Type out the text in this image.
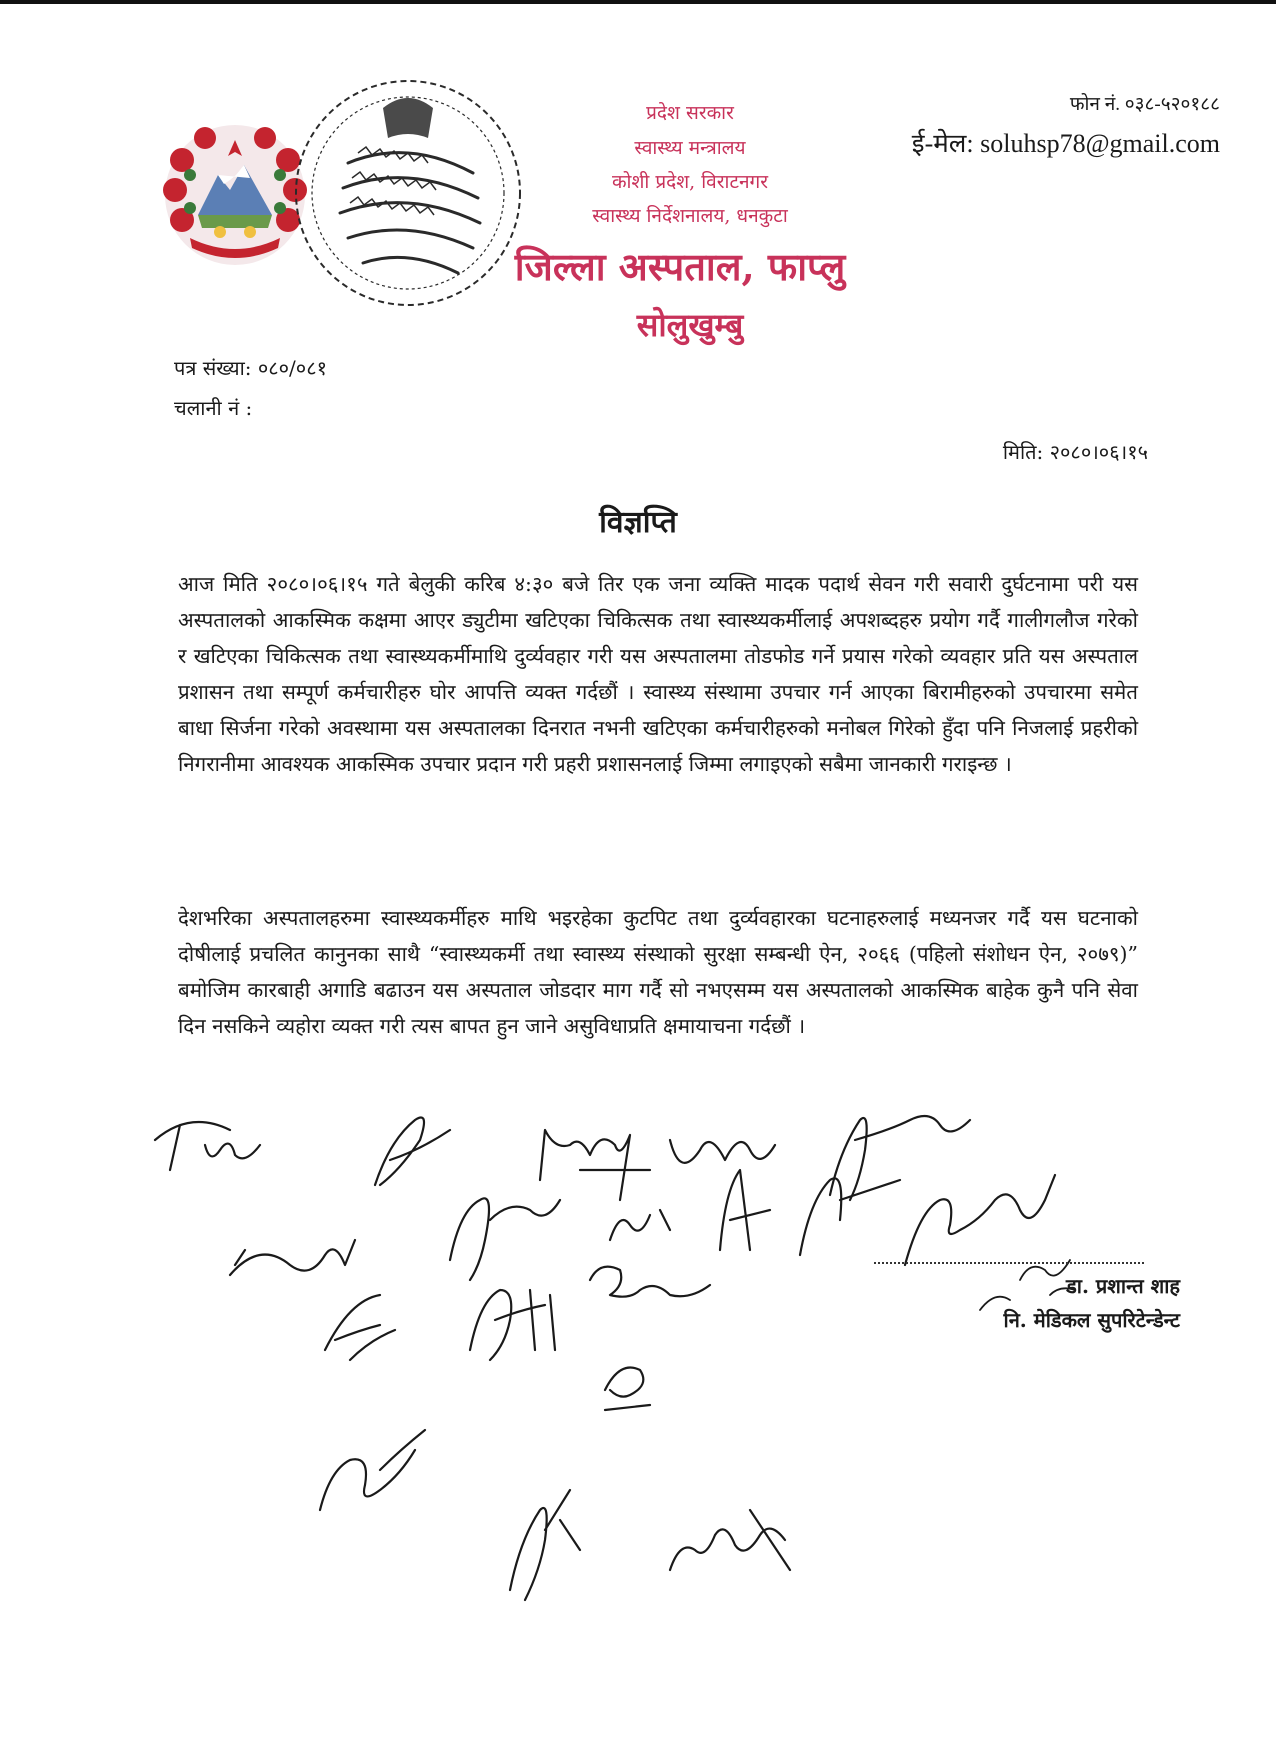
प्रदेश सरकार
स्वास्थ्य मन्त्रालय
कोशी प्रदेश, विराटनगर
स्वास्थ्य निर्देशनालय, धनकुटा
जिल्ला अस्पताल, फाप्लु
सोलुखुम्बु
फोन नं. ०३८-५२०१८८
ई-मेल: soluhsp78@gmail.com
पत्र संख्या: ०८०/०८१
चलानी नं :
मिति: २०८०।०६।१५
विज्ञप्ति
आज मिति २०८०।०६।१५ गते बेलुकी करिब ४:३० बजे तिर एक जना व्यक्ति मादक पदार्थ सेवन गरी सवारी दुर्घटनामा परी यस अस्पतालको आकस्मिक कक्षमा आएर ड्युटीमा खटिएका चिकित्सक तथा स्वास्थ्यकर्मीलाई अपशब्दहरु प्रयोग गर्दै गालीगलौज गरेको र खटिएका चिकित्सक तथा स्वास्थ्यकर्मीमाथि दुर्व्यवहार गरी यस अस्पतालमा तोडफोड गर्ने प्रयास गरेको व्यवहार प्रति यस अस्पताल प्रशासन तथा सम्पूर्ण कर्मचारीहरु घोर आपत्ति व्यक्त गर्दछौं । स्वास्थ्य संस्थामा उपचार गर्न आएका बिरामीहरुको उपचारमा समेत बाधा सिर्जना गरेको अवस्थामा यस अस्पतालका दिनरात नभनी खटिएका कर्मचारीहरुको मनोबल गिरेको हुँदा पनि निजलाई प्रहरीको निगरानीमा आवश्यक आकस्मिक उपचार प्रदान गरी प्रहरी प्रशासनलाई जिम्मा लगाइएको सबैमा जानकारी गराइन्छ ।
देशभरिका अस्पतालहरुमा स्वास्थ्यकर्मीहरु माथि भइरहेका कुटपिट तथा दुर्व्यवहारका घटनाहरुलाई मध्यनजर गर्दै यस घटनाको दोषीलाई प्रचलित कानुनका साथै “स्वास्थ्यकर्मी तथा स्वास्थ्य संस्थाको सुरक्षा सम्बन्धी ऐन, २०६६ (पहिलो संशोधन ऐन, २०७९)” बमोजिम कारबाही अगाडि बढाउन यस अस्पताल जोडदार माग गर्दै सो नभएसम्म यस अस्पतालको आकस्मिक बाहेक कुनै पनि सेवा दिन नसकिने व्यहोरा व्यक्त गरी त्यस बापत हुन जाने असुविधाप्रति क्षमायाचना गर्दछौं ।
डा. प्रशान्त शाह
नि. मेडिकल सुपरिटेन्डेन्ट
